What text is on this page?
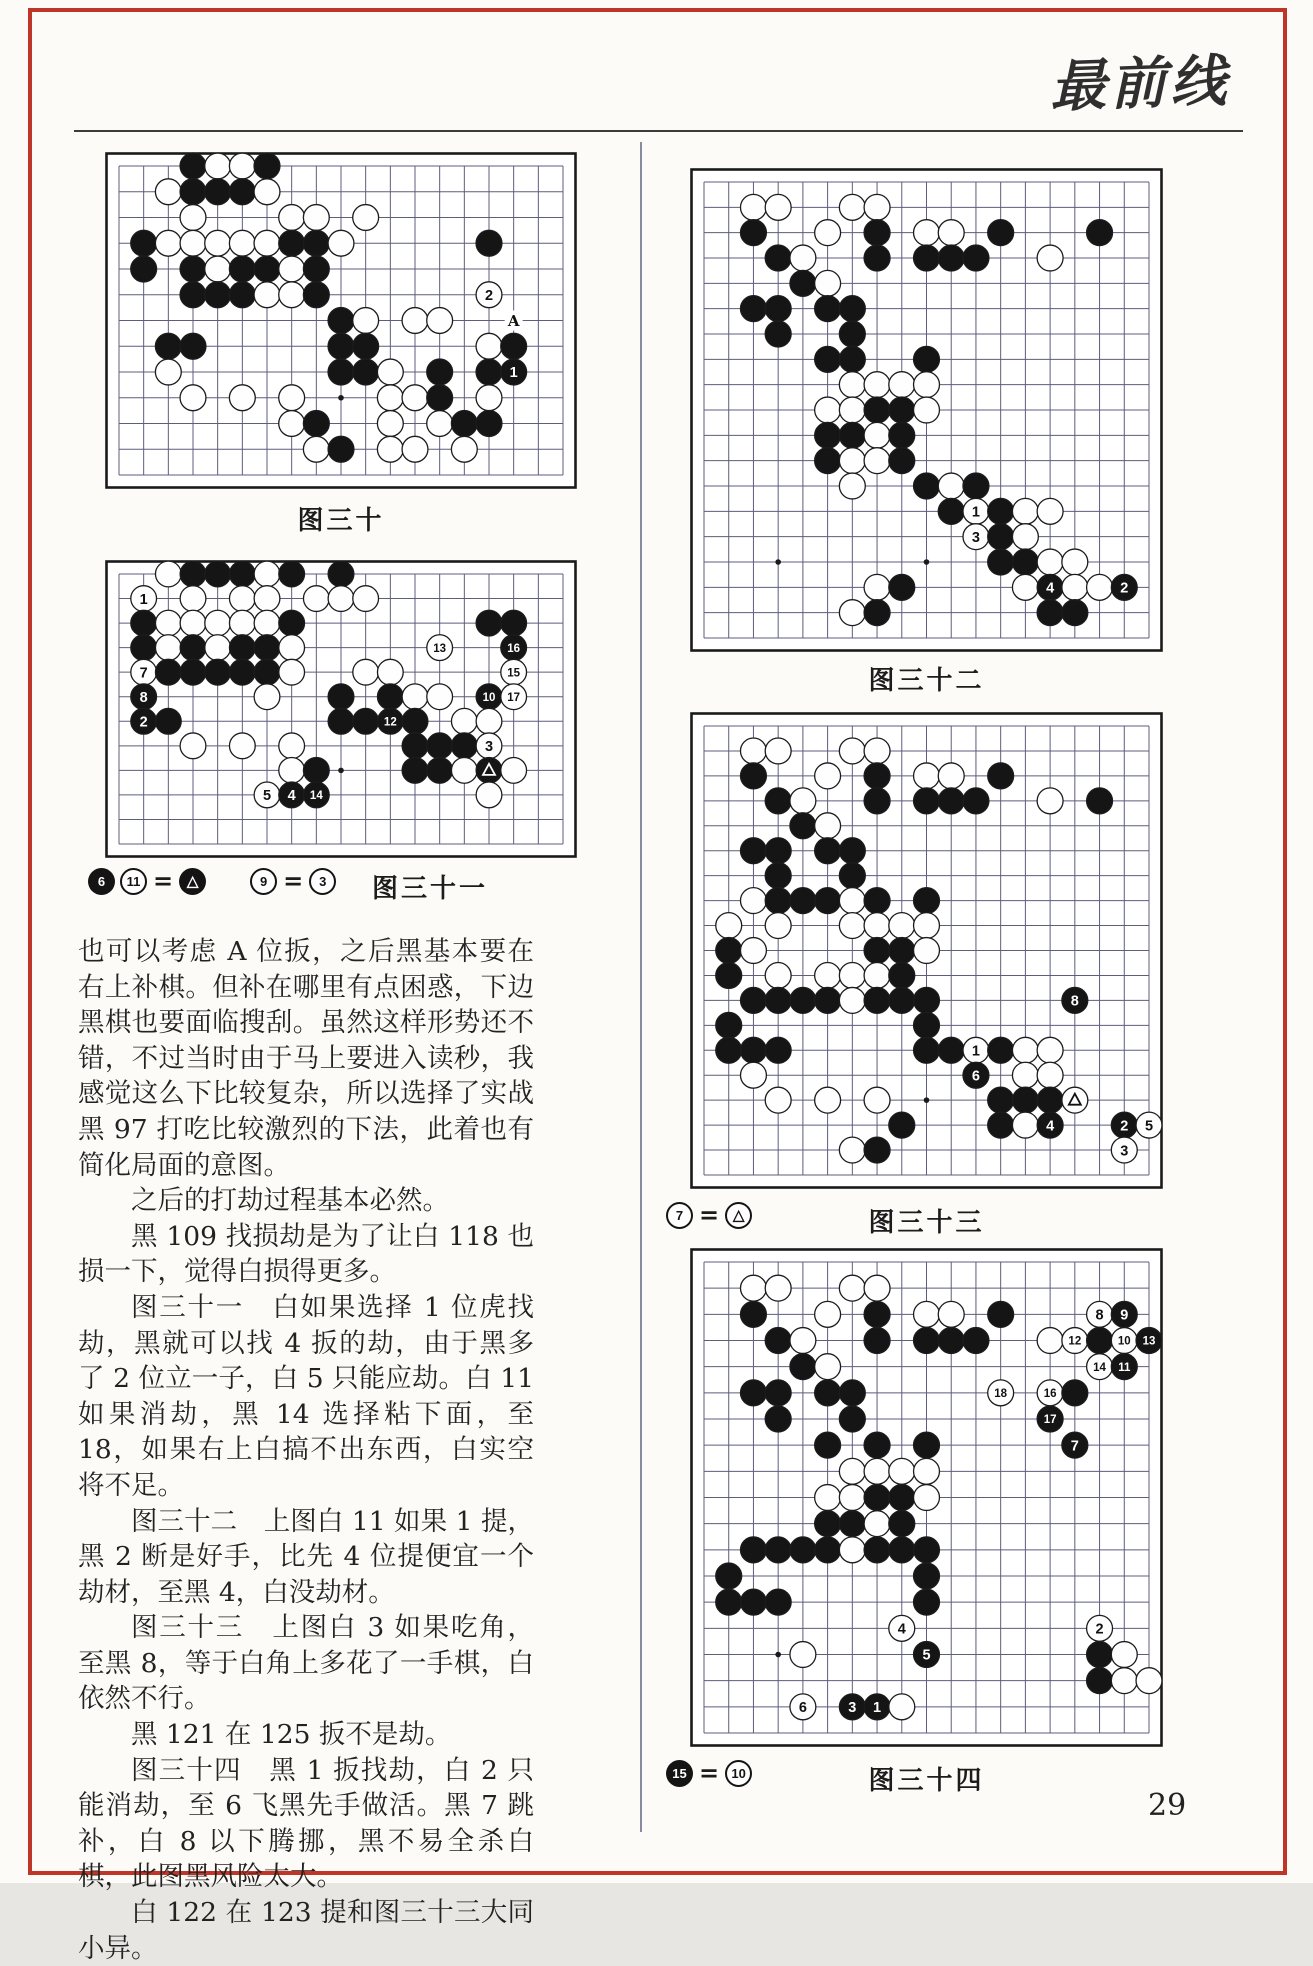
最前线
2
A
1
图三十
1
13	16
7	15
8	10 17
2	12
3
5 4 14
6	11 = △	9 =	3	图三十一

也可以考虑 A 位扳，之后黑基本要在右上补棋。但补在哪里有点困惑，下边黑棋也要面临搜刮。虽然这样形势还不错，不过当时由于马上要进入读秒，我感觉这么下比较复杂，所以选择了实战黑 97 打吃比较激烈的下法，此着也有简化局面的意图。

之后的打劫过程基本必然。

黑 109 找损劫是为了让白 118 也损一下，觉得白损得更多。

图三十一　白如果选择 1 位虎找劫，黑就可以找 4 扳的劫，由于黑多了 2 位立一子，白 5 只能应劫。白 11 如果消劫，黑 14 选择粘下面，至 18，如果右上白搞不出东西，白实空将不足。

图三十二　上图白 11 如果 1 提，黑 2 断是好手，比先 4 位提便宜一个劫材，至黑 4，白没劫材。

图三十三　上图白 3 如果吃角，至黑 8，等于白角上多花了一手棋，白依然不行。

黑 121 在 125 扳不是劫。

图三十四　黑 1 扳找劫，白 2 只能消劫，至 6 飞黑先手做活。黑 7 跳补，白 8 以下腾挪，黑不易全杀白棋，此图黑风险太大。

白 122 在 123 提和图三十三大同小异。

1
3
4	2
图三十二
8
1
6
4	2 5
3
7 = △	图三十三
8 9
12	10 13
14 11
18	16
17
7
4	2
5
6	3 1
15 = 10	图三十四
29
